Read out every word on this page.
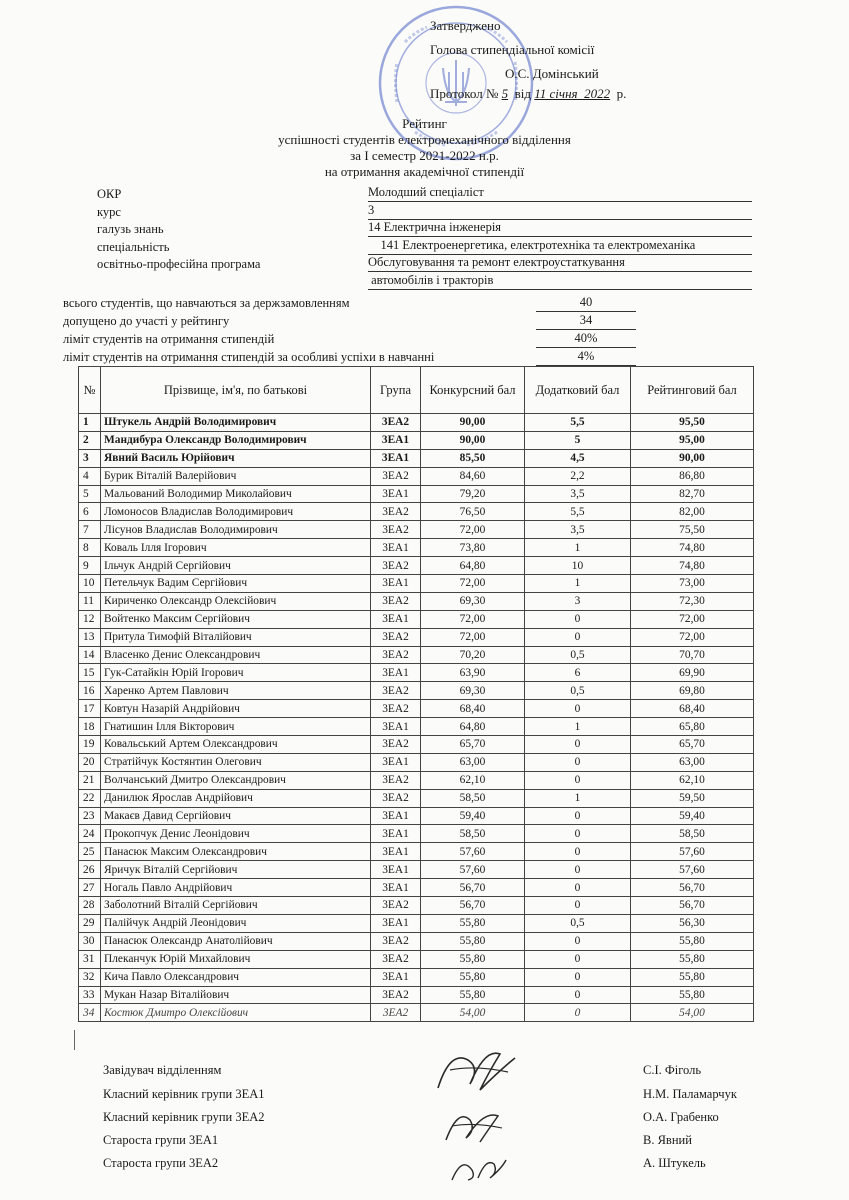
Затверджено
Голова стипендіальної комісії
О.С. Домінський
Протокол № 5  від 11 січня  2022  р.
Рейтинг
успішності студентів електромеханічного відділення
за І семестр 2021-2022 н.р.
на отримання академічної стипендії
ОКР	Молодший спеціаліст
курс	3
галузь знань	14 Електрична інженерія
спеціальність	141 Електроенергетика, електротехніка та електромеханіка
освітньо-професійна програма	Обслуговування та ремонт електроустаткування
автомобілів і тракторів
всього студентів, що навчаються за держзамовленням	40
допущено до участі у рейтингу	34
ліміт студентів на отримання стипендій	40%
ліміт студентів на отримання стипендій за особливі успіхи в навчанні	4%
№	Прізвище, ім'я, по батькові	Група	Конкурсний бал	Додатковий бал	Рейтинговий бал
1	Штукель Андрій Володимирович	3ЕА2	90,00	5,5	95,50
2	Мандибура Олександр Володимирович	3ЕА1	90,00	5	95,00
3	Явний Василь Юрійович	3ЕА1	85,50	4,5	90,00
4	Бурик Віталій Валерійович	3ЕА2	84,60	2,2	86,80
5	Мальований Володимир Миколайович	3ЕА1	79,20	3,5	82,70
6	Ломоносов Владислав Володимирович	3ЕА2	76,50	5,5	82,00
7	Лісунов Владислав Володимирович	3ЕА2	72,00	3,5	75,50
8	Коваль Ілля Ігорович	3ЕА1	73,80	1	74,80
9	Ільчук Андрій Сергійович	3ЕА2	64,80	10	74,80
10	Петельчук Вадим Сергійович	3ЕА1	72,00	1	73,00
11	Кириченко Олександр Олексійович	3ЕА2	69,30	3	72,30
12	Войтенко Максим Сергійович	3ЕА1	72,00	0	72,00
13	Притула Тимофій Віталійович	3ЕА2	72,00	0	72,00
14	Власенко Денис Олександрович	3ЕА2	70,20	0,5	70,70
15	Гук-Сатайкін Юрій Ігорович	3ЕА1	63,90	6	69,90
16	Харенко Артем Павлович	3ЕА2	69,30	0,5	69,80
17	Ковтун Назарій Андрійович	3ЕА2	68,40	0	68,40
18	Гнатишин Ілля Вікторович	3ЕА1	64,80	1	65,80
19	Ковальський Артем Олександрович	3ЕА2	65,70	0	65,70
20	Стратійчук Костянтин Олегович	3ЕА1	63,00	0	63,00
21	Волчанський Дмитро Олександрович	3ЕА2	62,10	0	62,10
22	Данилюк Ярослав Андрійович	3ЕА2	58,50	1	59,50
23	Макаєв Давид Сергійович	3ЕА1	59,40	0	59,40
24	Прокопчук Денис Леонідович	3ЕА1	58,50	0	58,50
25	Панасюк Максим Олександрович	3ЕА1	57,60	0	57,60
26	Яричук Віталій Сергійович	3ЕА1	57,60	0	57,60
27	Ногаль Павло Андрійович	3ЕА1	56,70	0	56,70
28	Заболотний Віталій Сергійович	3ЕА2	56,70	0	56,70
29	Палійчук Андрій Леонідович	3ЕА1	55,80	0,5	56,30
30	Панасюк Олександр Анатолійович	3ЕА2	55,80	0	55,80
31	Плеканчук Юрій Михайлович	3ЕА2	55,80	0	55,80
32	Кича Павло Олександрович	3ЕА1	55,80	0	55,80
33	Мукан Назар Віталійович	3ЕА2	55,80	0	55,80
34	Костюк Дмитро Олексійович	3ЕА2	54,00	0	54,00
Завідувач відділенням	С.І. Фіголь
Класний керівник групи 3ЕА1	Н.М. Паламарчук
Класний керівник групи 3ЕА2	О.А. Грабенко
Староста групи 3ЕА1	В. Явний
Староста групи 3ЕА2	А. Штукель
